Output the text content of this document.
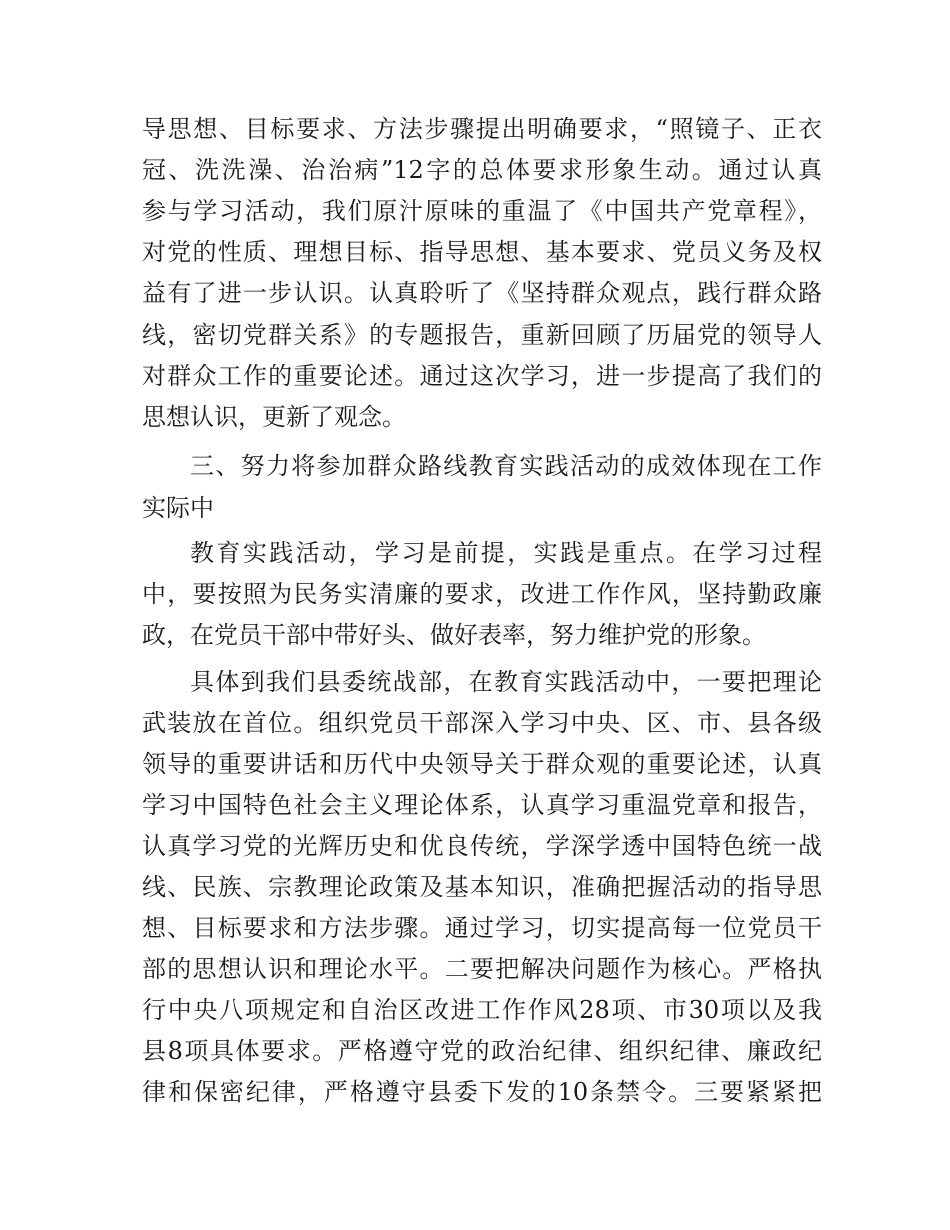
导思想、目标要求、方法步骤提出明确要求，“照镜子、正衣
冠、洗洗澡、治治病”12字的总体要求形象生动。通过认真
参与学习活动，我们原汁原味的重温了《中国共产党章程》，
对党的性质、理想目标、指导思想、基本要求、党员义务及权
益有了进一步认识。认真聆听了《坚持群众观点，践行群众路
线，密切党群关系》的专题报告，重新回顾了历届党的领导人
对群众工作的重要论述。通过这次学习，进一步提高了我们的
思想认识，更新了观念。
三、努力将参加群众路线教育实践活动的成效体现在工作
实际中
教育实践活动，学习是前提，实践是重点。在学习过程
中，要按照为民务实清廉的要求，改进工作作风，坚持勤政廉
政，在党员干部中带好头、做好表率，努力维护党的形象。
具体到我们县委统战部，在教育实践活动中，一要把理论
武装放在首位。组织党员干部深入学习中央、区、市、县各级
领导的重要讲话和历代中央领导关于群众观的重要论述，认真
学习中国特色社会主义理论体系，认真学习重温党章和报告，
认真学习党的光辉历史和优良传统，学深学透中国特色统一战
线、民族、宗教理论政策及基本知识，准确把握活动的指导思
想、目标要求和方法步骤。通过学习，切实提高每一位党员干
部的思想认识和理论水平。二要把解决问题作为核心。严格执
行中央八项规定和自治区改进工作作风28项、市30项以及我
县8项具体要求。严格遵守党的政治纪律、组织纪律、廉政纪
律和保密纪律，严格遵守县委下发的10条禁令。三要紧紧把
